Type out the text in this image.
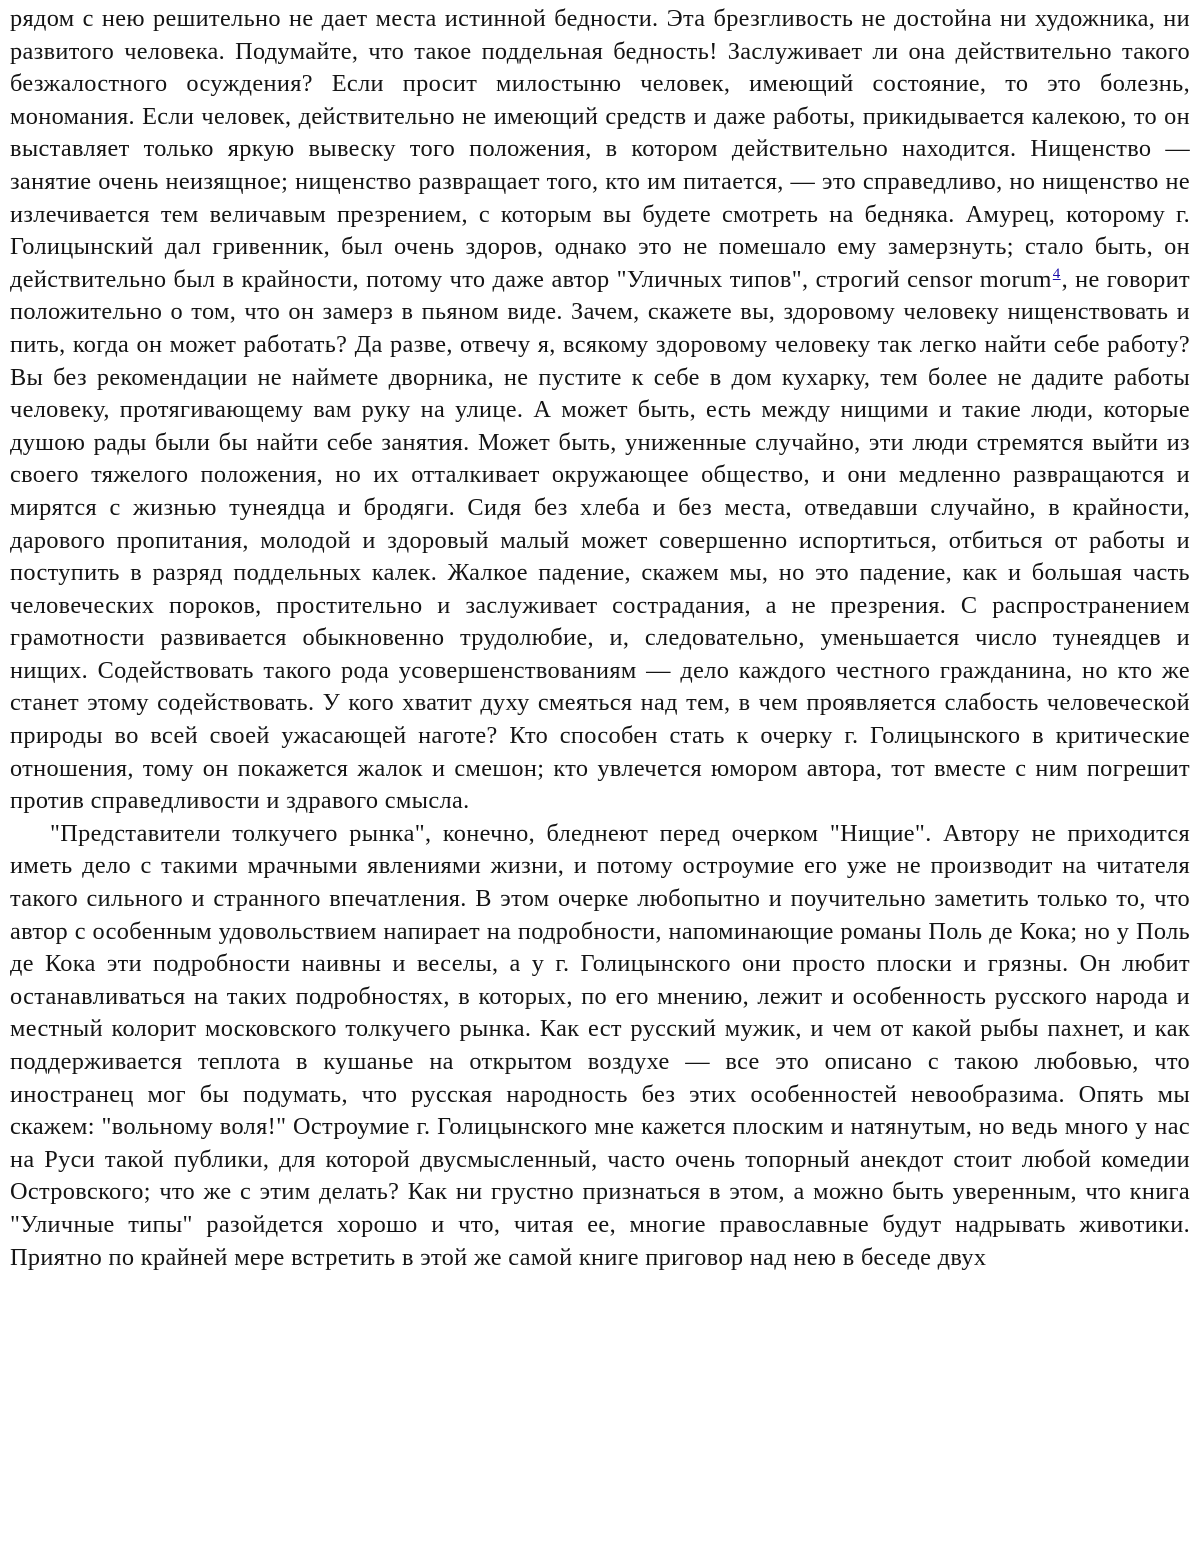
рядом с нею решительно не дает места истинной бедности. Эта брезгливость не достойна ни художника, ни развитого человека. Подумайте, что такое поддельная бедность! Заслуживает ли она действительно такого безжалостного осуждения? Если просит милостыню человек, имеющий состояние, то это болезнь, мономания. Если человек, действительно не имеющий средств и даже работы, прикидывается калекою, то он выставляет только яркую вывеску того положения, в котором действительно находится. Нищенство — занятие очень неизящное; нищенство развращает того, кто им питается, — это справедливо, но нищенство не излечивается тем величавым презрением, с которым вы будете смотреть на бедняка. Амурец, которому г. Голицынский дал гривенник, был очень здоров, однако это не помешало ему замерзнуть; стало быть, он действительно был в крайности, потому что даже автор "Уличных типов", строгий censor morum$^4$, не говорит положительно о том, что он замерз в пьяном виде. Зачем, скажете вы, здоровому человеку нищенствовать и пить, когда он может работать? Да разве, отвечу я, всякому здоровому человеку так легко найти себе работу? Вы без рекомендации не наймете дворника, не пустите к себе в дом кухарку, тем более не дадите работы человеку, протягивающему вам руку на улице. А может быть, есть между нищими и такие люди, которые душою рады были бы найти себе занятия. Может быть, униженные случайно, эти люди стремятся выйти из своего тяжелого положения, но их отталкивает окружающее общество, и они медленно развращаются и мирятся с жизнью тунеядца и бродяги. Сидя без хлеба и без места, отведавши случайно, в крайности, дарового пропитания, молодой и здоровый малый может совершенно испортиться, отбиться от работы и поступить в разряд поддельных калек. Жалкое падение, скажем мы, но это падение, как и большая часть человеческих пороков, простительно и заслуживает сострадания, а не презрения. С распространением грамотности развивается обыкновенно трудолюбие, и, следовательно, уменьшается число тунеядцев и нищих. Содействовать такого рода усовершенствованиям — дело каждого честного гражданина, но кто же станет этому содействовать. У кого хватит духу смеяться над тем, в чем проявляется слабость человеческой природы во всей своей ужасающей наготе? Кто способен стать к очерку г. Голицынского в критические отношения, тому он покажется жалок и смешон; кто увлечется юмором автора, тот вместе с ним погрешит против справедливости и здравого смысла.

"Представители толкучего рынка", конечно, бледнеют перед очерком "Нищие". Автору не приходится иметь дело с такими мрачными явлениями жизни, и потому остроумие его уже не производит на читателя такого сильного и странного впечатления. В этом очерке любопытно и поучительно заметить только то, что автор с особенным удовольствием напирает на подробности, напоминающие романы Поль де Кока; но у Поль де Кока эти подробности наивны и веселы, а у г. Голицынского они просто плоски и грязны. Он любит останавливаться на таких подробностях, в которых, по его мнению, лежит и особенность русского народа и местный колорит московского толкучего рынка. Как ест русский мужик, и чем от какой рыбы пахнет, и как поддерживается теплота в кушанье на открытом воздухе — все это описано с такою любовью, что иностранец мог бы подумать, что русская народность без этих особенностей невообразима. Опять мы скажем: "вольному воля!" Остроумие г. Голицынского мне кажется плоским и натянутым, но ведь много у нас на Руси такой публики, для которой двусмысленный, часто очень топорный анекдот стоит любой комедии Островского; что же с этим делать? Как ни грустно признаться в этом, а можно быть уверенным, что книга "Уличные типы" разойдется хорошо и что, читая ее, многие православные будут надрывать животики. Приятно по крайней мере встретить в этой же самой книге приговор над нею в беседе двух
